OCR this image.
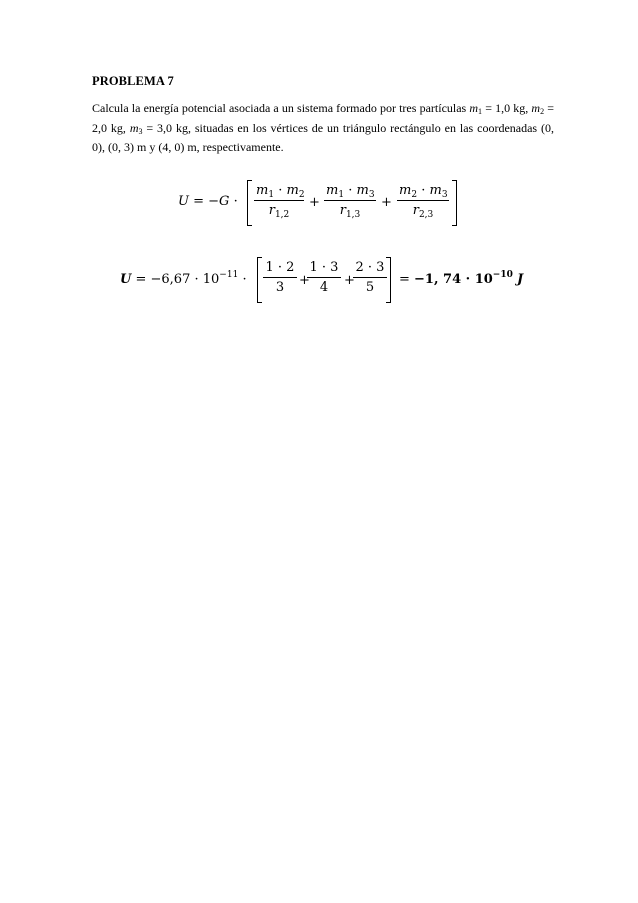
PROBLEMA 7
Calcula la energía potencial asociada a un sistema formado por tres partículas $m_1 = 1,0$ kg, $m_2 = 2,0$ kg, $m_3 = 3,0$ kg, situadas en los vértices de un triángulo rectángulo en las coordenadas (0, 0), (0, 3) m y (4, 0) m, respectivamente.
U = −G ·
$m_1 \cdot m_2$
$r_{1,2}$
+
$m_1 \cdot m_3$
$r_{1,3}$
+
$m_2 \cdot m_3$
$r_{2,3}$
$U = -6,67 \cdot 10^{-11}$ ·
1 · 2
3	+
1 · 3
4	+
2 · 3
5
= −1, $74 \cdot 10^{-10}$ J
